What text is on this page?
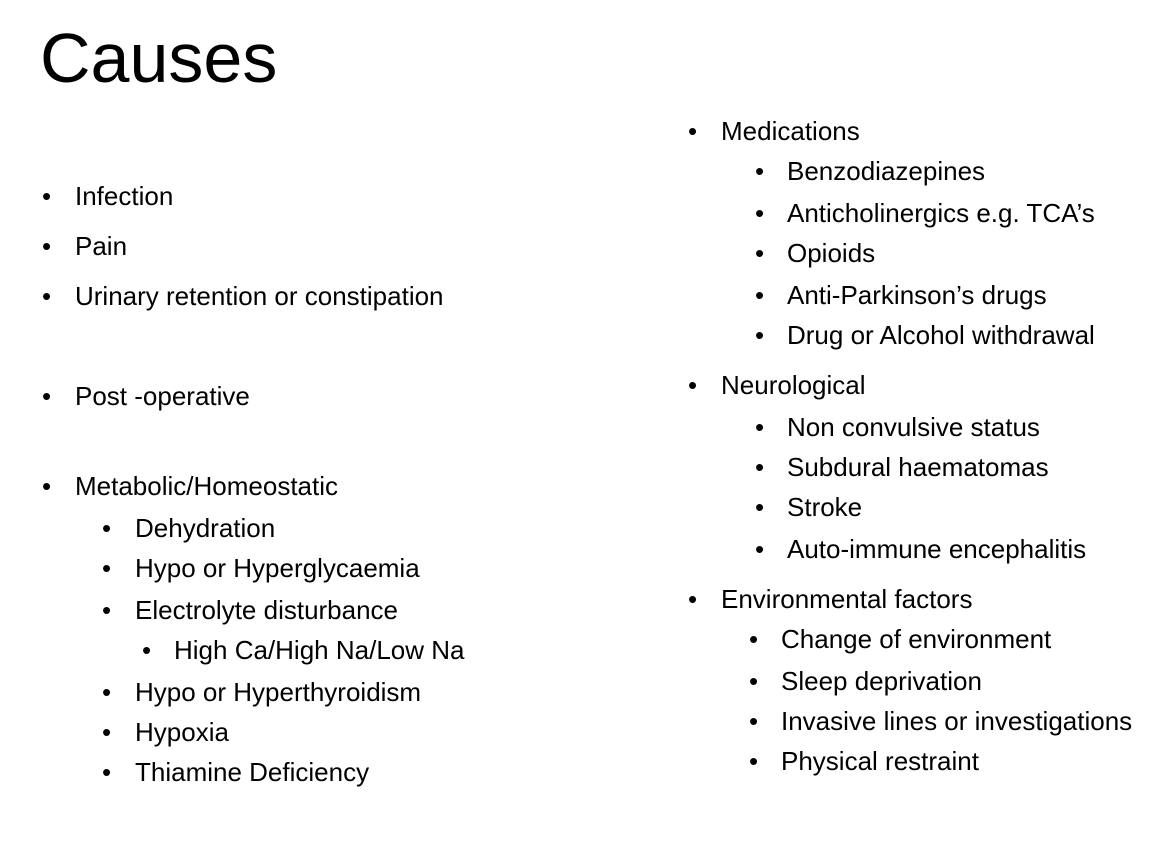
Causes
• Infection
• Pain
• Urinary retention or constipation
• Post -operative
• Metabolic/Homeostatic
• Dehydration
• Hypo or Hyperglycaemia
• Electrolyte disturbance
• High Ca/High Na/Low Na
• Hypo or Hyperthyroidism
• Hypoxia
• Thiamine Deficiency
• Medications
• Benzodiazepines
• Anticholinergics e.g. TCA’s
• Opioids
• Anti-Parkinson’s drugs
• Drug or Alcohol withdrawal
• Neurological
• Non convulsive status
• Subdural haematomas
• Stroke
• Auto-immune encephalitis
• Environmental factors
• Change of environment
• Sleep deprivation
• Invasive lines or investigations
• Physical restraint
